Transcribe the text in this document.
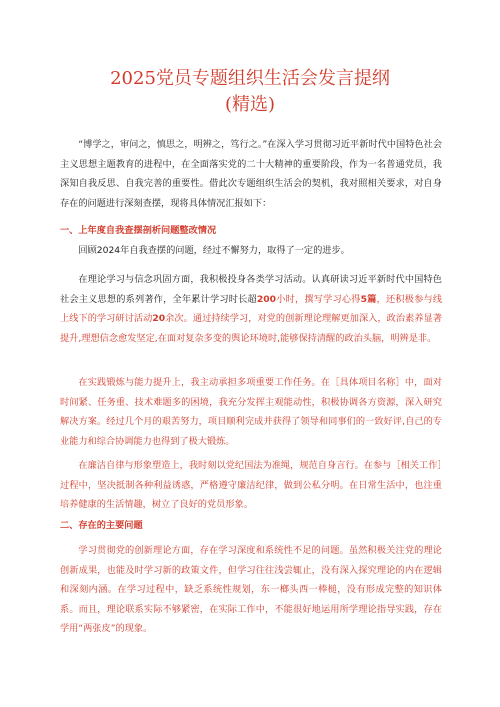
2025党员专题组织生活会发言提纲
(精选)

“博学之，审问之，慎思之，明辨之，笃行之。”在深入学习贯彻习近平新时代中国特色社会主义思想主题教育的进程中，在全面落实党的二十大精神的重要阶段，作为一名普通党员，我深知自我反思、自我完善的重要性。借此次专题组织生活会的契机，我对照相关要求，对自身存在的问题进行深刻查摆，现将具体情况汇报如下：

一、上年度自我查摆剖析问题整改情况

回顾2024年自我查摆的问题，经过不懈努力，取得了一定的进步。

在理论学习与信念巩固方面，我积极投身各类学习活动。认真研读习近平新时代中国特色社会主义思想的系列著作，全年累计学习时长超200小时，撰写学习心得5篇，还积极参与线上线下的学习研讨活动20余次。通过持续学习，对党的创新理论理解更加深入，政治素养显著提升,理想信念愈发坚定,在面对复杂多变的舆论环境时,能够保持清醒的政治头脑，明辨是非。

在实践锻炼与能力提升上，我主动承担多项重要工作任务。在［具体项目名称］中，面对时间紧、任务重、技术难题多的困境，我充分发挥主观能动性，积极协调各方资源，深入研究解决方案。经过几个月的艰苦努力，项目顺利完成并获得了领导和同事们的一致好评,自己的专业能力和综合协调能力也得到了极大锻炼。

在廉洁自律与形象塑造上，我时刻以党纪国法为准绳，规范自身言行。在参与［相关工作］过程中，坚决抵制各种利益诱惑，严格遵守廉洁纪律，做到公私分明。在日常生活中，也注重培养健康的生活情趣，树立了良好的党员形象。

二、存在的主要问题

学习贯彻党的创新理论方面，存在学习深度和系统性不足的问题。虽然积极关注党的理论创新成果，也能及时学习新的政策文件，但学习往往浅尝辄止，没有深入探究理论的内在逻辑和深刻内涵。在学习过程中，缺乏系统性规划，东一榔头西一棒槌，没有形成完整的知识体系。而且，理论联系实际不够紧密，在实际工作中，不能很好地运用所学理论指导实践，存在学用“两张皮”的现象。
